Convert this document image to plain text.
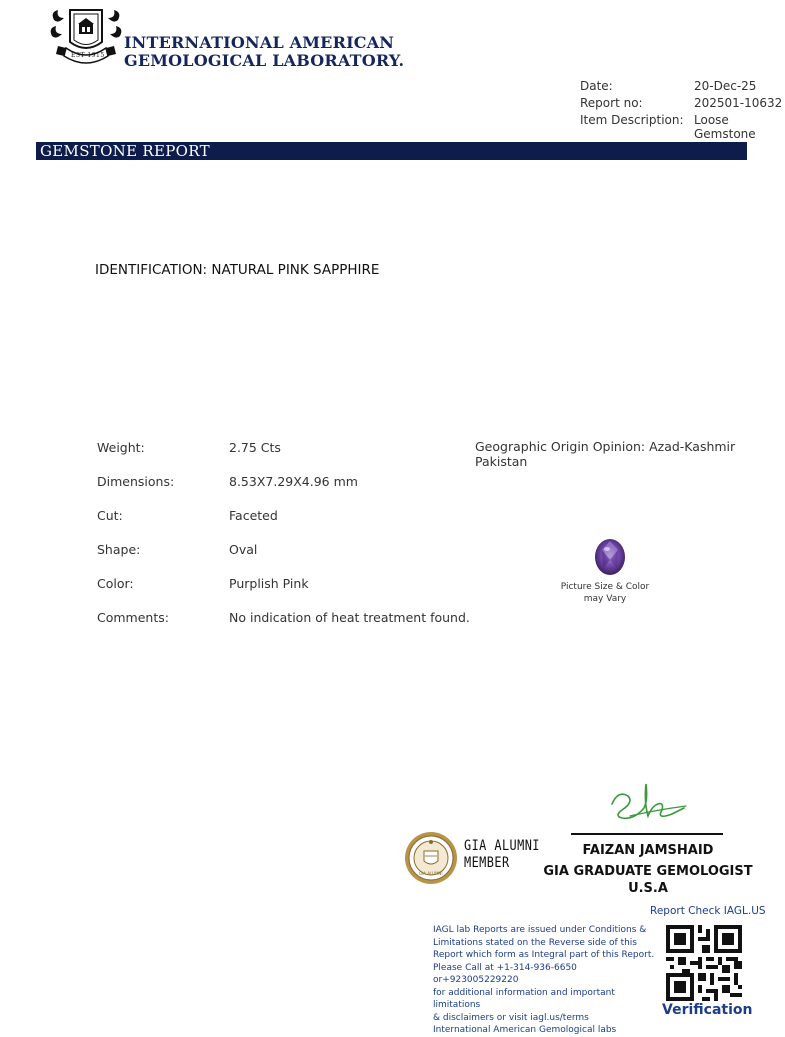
EST 1915
INTERNATIONAL AMERICAN
GEMOLOGICAL LABORATORY.
Date:	20-Dec-25
Report no:	202501-10632
Item Description: Loose Gemstone
GEMSTONE REPORT
IDENTIFICATION: NATURAL PINK SAPPHIRE
Weight:	2.75 Cts
Dimensions:	8.53X7.29X4.96 mm
Cut:	Faceted
Shape:	Oval
Color:	Purplish Pink
Comments:	No indication of heat treatment found.
Geographic Origin Opinion: Azad-Kashmir Pakistan
Picture Size & Color
may Vary
FAIZAN JAMSHAID
GIA GRADUATE GEMOLOGIST U.S.A
GIA ALUMNI
GIA ALUMNI
MEMBER
Report Check IAGL.US
IAGL lab Reports are issued under Conditions &
Limitations stated on the Reverse side of this
Report which form as Integral part of this Report.
Please Call at +1-314-936-6650 or+923005229220
for additional information and important limitations
& disclaimers or visit iagl.us/terms
International American Gemological labs
Verification
